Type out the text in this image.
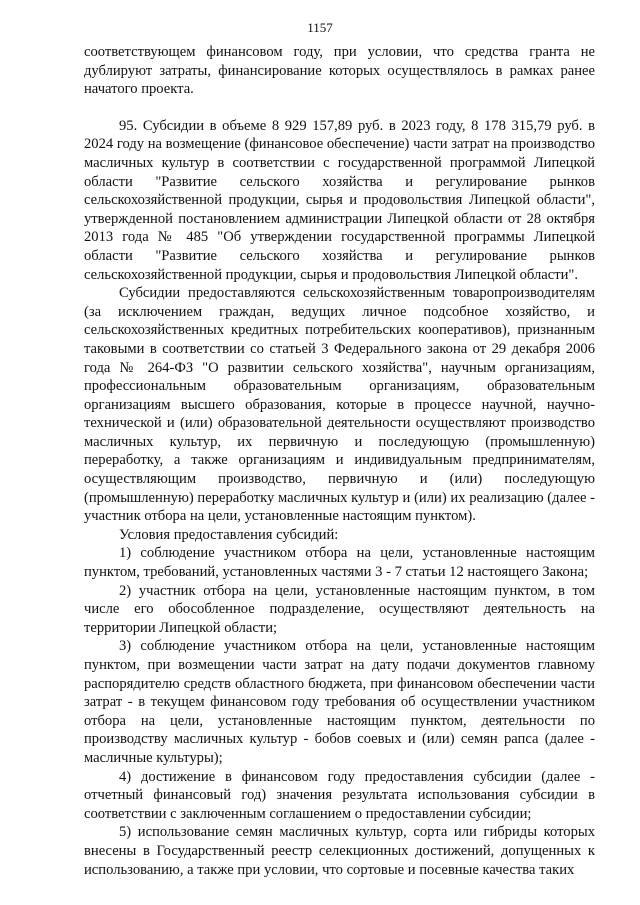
1157

соответствующем финансовом году, при условии, что средства гранта не дублируют затраты, финансирование которых осуществлялось в рамках ранее начатого проекта.

95. Субсидии в объеме 8 929 157,89 руб. в 2023 году, 8 178 315,79 руб. в 2024 году на возмещение (финансовое обеспечение) части затрат на производство масличных культур в соответствии с государственной программой Липецкой области "Развитие сельского хозяйства и регулирование рынков сельскохозяйственной продукции, сырья и продовольствия Липецкой области", утвержденной постановлением администрации Липецкой области от 28 октября 2013 года № 485 "Об утверждении государственной программы Липецкой области "Развитие сельского хозяйства и регулирование рынков сельскохозяйственной продукции, сырья и продовольствия Липецкой области".

Субсидии предоставляются сельскохозяйственным товаропроизводителям (за исключением граждан, ведущих личное подсобное хозяйство, и сельскохозяйственных кредитных потребительских кооперативов), признанным таковыми в соответствии со статьей 3 Федерального закона от 29 декабря 2006 года № 264-ФЗ "О развитии сельского хозяйства", научным организациям, профессиональным образовательным организациям, образовательным организациям высшего образования, которые в процессе научной, научно-технической и (или) образовательной деятельности осуществляют производство масличных культур, их первичную и последующую (промышленную) переработку, а также организациям и индивидуальным предпринимателям, осуществляющим производство, первичную и (или) последующую (промышленную) переработку масличных культур и (или) их реализацию (далее - участник отбора на цели, установленные настоящим пунктом).

Условия предоставления субсидий:

1) соблюдение участником отбора на цели, установленные настоящим пунктом, требований, установленных частями 3 - 7 статьи 12 настоящего Закона;

2) участник отбора на цели, установленные настоящим пунктом, в том числе его обособленное подразделение, осуществляют деятельность на территории Липецкой области;

3) соблюдение участником отбора на цели, установленные настоящим пунктом, при возмещении части затрат на дату подачи документов главному распорядителю средств областного бюджета, при финансовом обеспечении части затрат - в текущем финансовом году требования об осуществлении участником отбора на цели, установленные настоящим пунктом, деятельности по производству масличных культур - бобов соевых и (или) семян рапса (далее - масличные культуры);

4) достижение в финансовом году предоставления субсидии (далее - отчетный финансовый год) значения результата использования субсидии в соответствии с заключенным соглашением о предоставлении субсидии;

5) использование семян масличных культур, сорта или гибриды которых внесены в Государственный реестр селекционных достижений, допущенных к использованию, а также при условии, что сортовые и посевные качества таких
